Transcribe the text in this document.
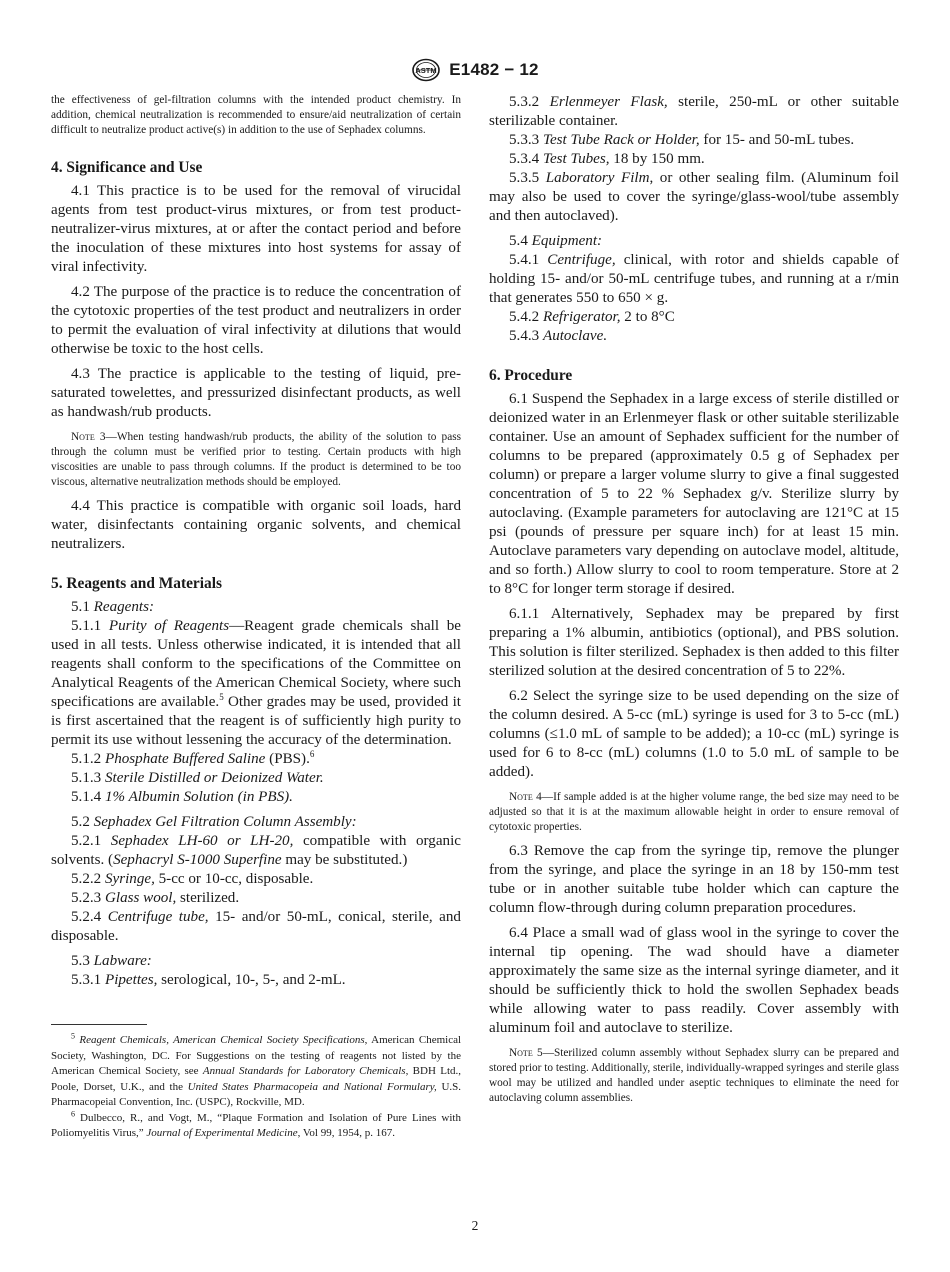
ASTM E1482 − 12

the effectiveness of gel-filtration columns with the intended product chemistry. In addition, chemical neutralization is recommended to ensure/aid neutralization of certain difficult to neutralize product active(s) in addition to the use of Sephadex columns.

4. Significance and Use

4.1 This practice is to be used for the removal of virucidal agents from test product-virus mixtures, or from test product-neutralizer-virus mixtures, at or after the contact period and before the inoculation of these mixtures into host systems for assay of viral infectivity.

4.2 The purpose of the practice is to reduce the concentration of the cytotoxic properties of the test product and neutralizers in order to permit the evaluation of viral infectivity at dilutions that would otherwise be toxic to the host cells.

4.3 The practice is applicable to the testing of liquid, pre-saturated towelettes, and pressurized disinfectant products, as well as handwash/rub products.

Note 3—When testing handwash/rub products, the ability of the solution to pass through the column must be verified prior to testing. Certain products with high viscosities are unable to pass through columns. If the product is determined to be too viscous, alternative neutralization methods should be employed.

4.4 This practice is compatible with organic soil loads, hard water, disinfectants containing organic solvents, and chemical neutralizers.

5. Reagents and Materials

5.1 Reagents:

5.1.1 Purity of Reagents—Reagent grade chemicals shall be used in all tests. Unless otherwise indicated, it is intended that all reagents shall conform to the specifications of the Committee on Analytical Reagents of the American Chemical Society, where such specifications are available.$^5$ Other grades may be used, provided it is first ascertained that the reagent is of sufficiently high purity to permit its use without lessening the accuracy of the determination.

5.1.2 Phosphate Buffered Saline (PBS).$^6$

5.1.3 Sterile Distilled or Deionized Water.

5.1.4 1% Albumin Solution (in PBS).

5.2 Sephadex Gel Filtration Column Assembly:

5.2.1 Sephadex LH-60 or LH-20, compatible with organic solvents. (Sephacryl S-1000 Superfine may be substituted.)

5.2.2 Syringe, 5-cc or 10-cc, disposable.

5.2.3 Glass wool, sterilized.

5.2.4 Centrifuge tube, 15- and/or 50-mL, conical, sterile, and disposable.

5.3 Labware:

5.3.1 Pipettes, serological, 10-, 5-, and 2-mL.

$^5$ Reagent Chemicals, American Chemical Society Specifications, American Chemical Society, Washington, DC. For Suggestions on the testing of reagents not listed by the American Chemical Society, see Annual Standards for Laboratory Chemicals, BDH Ltd., Poole, Dorset, U.K., and the United States Pharmacopeia and National Formulary, U.S. Pharmacopeial Convention, Inc. (USPC), Rockville, MD.

$^6$ Dulbecco, R., and Vogt, M., “Plaque Formation and Isolation of Pure Lines with Poliomyelitis Virus,” Journal of Experimental Medicine, Vol 99, 1954, p. 167.

5.3.2 Erlenmeyer Flask, sterile, 250-mL or other suitable sterilizable container.

5.3.3 Test Tube Rack or Holder, for 15- and 50-mL tubes.

5.3.4 Test Tubes, 18 by 150 mm.

5.3.5 Laboratory Film, or other sealing film. (Aluminum foil may also be used to cover the syringe/glass-wool/tube assembly and then autoclaved).

5.4 Equipment:

5.4.1 Centrifuge, clinical, with rotor and shields capable of holding 15- and/or 50-mL centrifuge tubes, and running at a r/min that generates 550 to 650 × g.

5.4.2 Refrigerator, 2 to 8°C

5.4.3 Autoclave.

6. Procedure

6.1 Suspend the Sephadex in a large excess of sterile distilled or deionized water in an Erlenmeyer flask or other suitable sterilizable container. Use an amount of Sephadex sufficient for the number of columns to be prepared (approximately 0.5 g of Sephadex per column) or prepare a larger volume slurry to give a final suggested concentration of 5 to 22 % Sephadex g/v. Sterilize slurry by autoclaving. (Example parameters for autoclaving are 121°C at 15 psi (pounds of pressure per square inch) for at least 15 min. Autoclave parameters vary depending on autoclave model, altitude, and so forth.) Allow slurry to cool to room temperature. Store at 2 to 8°C for longer term storage if desired.

6.1.1 Alternatively, Sephadex may be prepared by first preparing a 1% albumin, antibiotics (optional), and PBS solution. This solution is filter sterilized. Sephadex is then added to this filter sterilized solution at the desired concentration of 5 to 22%.

6.2 Select the syringe size to be used depending on the size of the column desired. A 5-cc (mL) syringe is used for 3 to 5-cc (mL) columns (≤1.0 mL of sample to be added); a 10-cc (mL) syringe is used for 6 to 8-cc (mL) columns (1.0 to 5.0 mL of sample to be added).

Note 4—If sample added is at the higher volume range, the bed size may need to be adjusted so that it is at the maximum allowable height in order to ensure removal of cytotoxic properties.

6.3 Remove the cap from the syringe tip, remove the plunger from the syringe, and place the syringe in an 18 by 150-mm test tube or in another suitable tube holder which can capture the column flow-through during column preparation procedures.

6.4 Place a small wad of glass wool in the syringe to cover the internal tip opening. The wad should have a diameter approximately the same size as the internal syringe diameter, and it should be sufficiently thick to hold the swollen Sephadex beads while allowing water to pass readily. Cover assembly with aluminum foil and autoclave to sterilize.

Note 5—Sterilized column assembly without Sephadex slurry can be prepared and stored prior to testing. Additionally, sterile, individually-wrapped syringes and sterile glass wool may be utilized and handled under aseptic techniques to eliminate the need for autoclaving column assemblies.

2
